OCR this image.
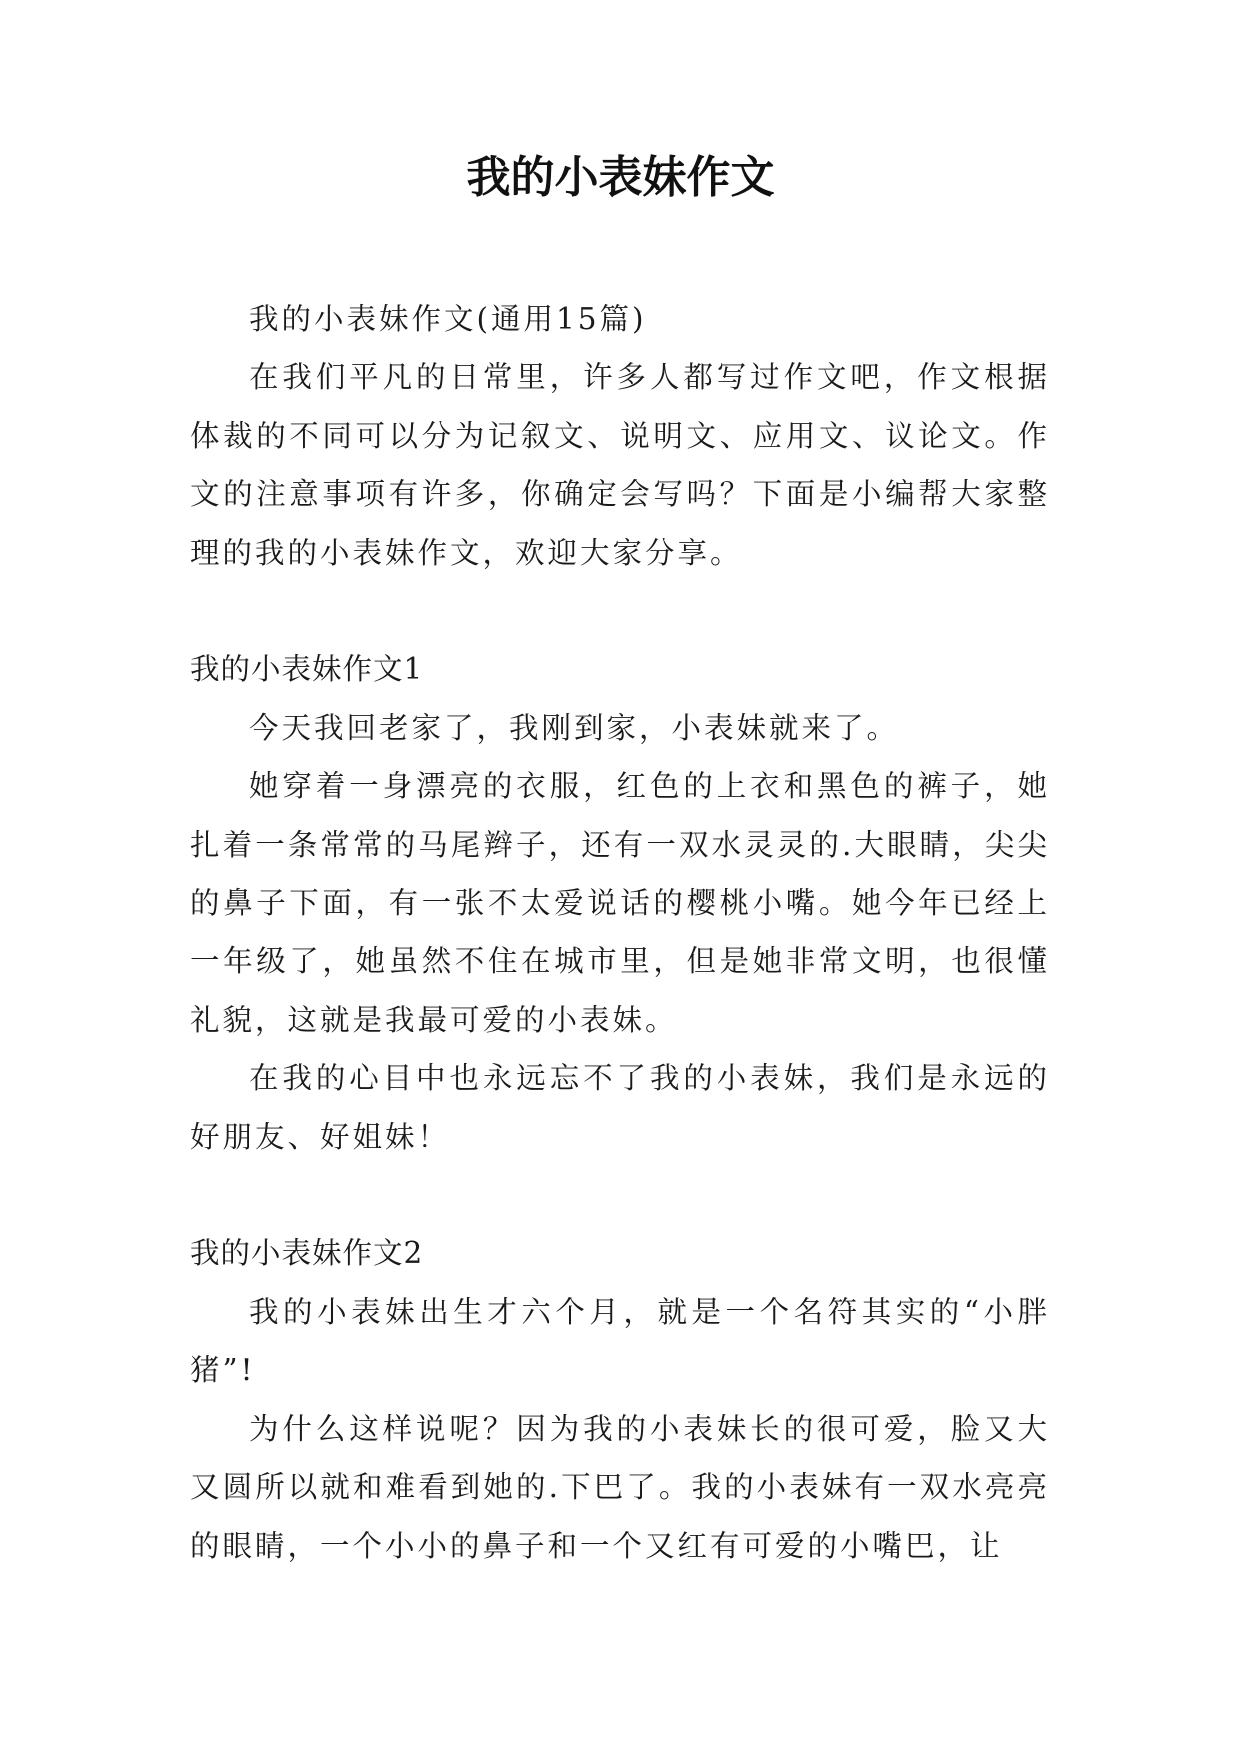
我的小表妹作文

我的小表妹作文(通用15篇)

在我们平凡的日常里，许多人都写过作文吧，作文根据体裁的不同可以分为记叙文、说明文、应用文、议论文。作文的注意事项有许多，你确定会写吗？下面是小编帮大家整理的我的小表妹作文，欢迎大家分享。

我的小表妹作文1

今天我回老家了，我刚到家，小表妹就来了。

她穿着一身漂亮的衣服，红色的上衣和黑色的裤子，她扎着一条常常的马尾辫子，还有一双水灵灵的.大眼睛，尖尖的鼻子下面，有一张不太爱说话的樱桃小嘴。她今年已经上一年级了，她虽然不住在城市里，但是她非常文明，也很懂礼貌，这就是我最可爱的小表妹。

在我的心目中也永远忘不了我的小表妹，我们是永远的好朋友、好姐妹！

我的小表妹作文2

我的小表妹出生才六个月，就是一个名符其实的“小胖猪”!

为什么这样说呢？因为我的小表妹长的很可爱，脸又大又圆所以就和难看到她的.下巴了。我的小表妹有一双水亮亮的眼睛，一个小小的鼻子和一个又红有可爱的小嘴巴，让
